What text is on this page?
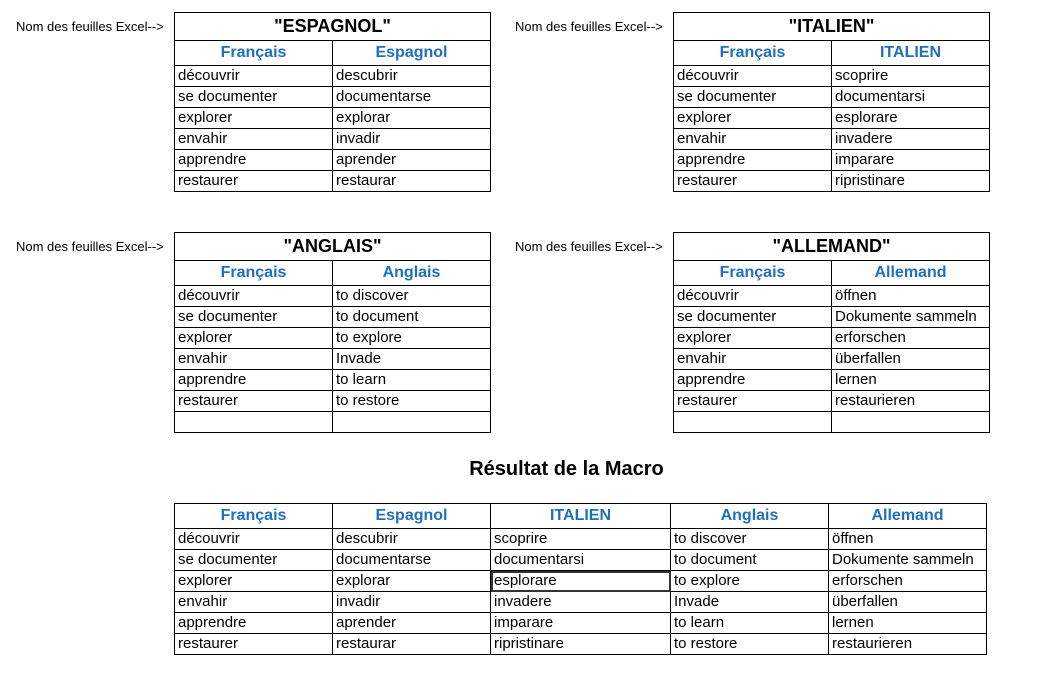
Nom des feuilles Excel-->	Nom des feuilles Excel-->
Nom des feuilles Excel-->	Nom des feuilles Excel-->
"ESPAGNOL"	
Français	Espagnol
découvrir	descubrir
se documenter	documentarse
explorer	explorar
envahir	invadir
apprendre	aprender
restaurer	restaurar
"ITALIEN"	
Français	ITALIEN
découvrir	scoprire
se documenter	documentarsi
explorer	esplorare
envahir	invadere
apprendre	imparare
restaurer	ripristinare
"ANGLAIS"	
Français	Anglais
découvrir	to discover
se documenter	to document
explorer	to explore
envahir	Invade
apprendre	to learn
restaurer	to restore

"ALLEMAND"	
Français	Allemand
découvrir	öffnen
se documenter	Dokumente sammeln
explorer	erforschen
envahir	überfallen
apprendre	lernen
restaurer	restaurieren

Résultat de la Macro
Français	Espagnol	ITALIEN	Anglais	Allemand
découvrir	descubrir	scoprire	to discover	öffnen
se documenter	documentarse	documentarsi	to document	Dokumente sammeln
explorer	explorar	esplorare	to explore	erforschen
envahir	invadir	invadere	Invade	überfallen
apprendre	aprender	imparare	to learn	lernen
restaurer	restaurar	ripristinare	to restore	restaurieren
